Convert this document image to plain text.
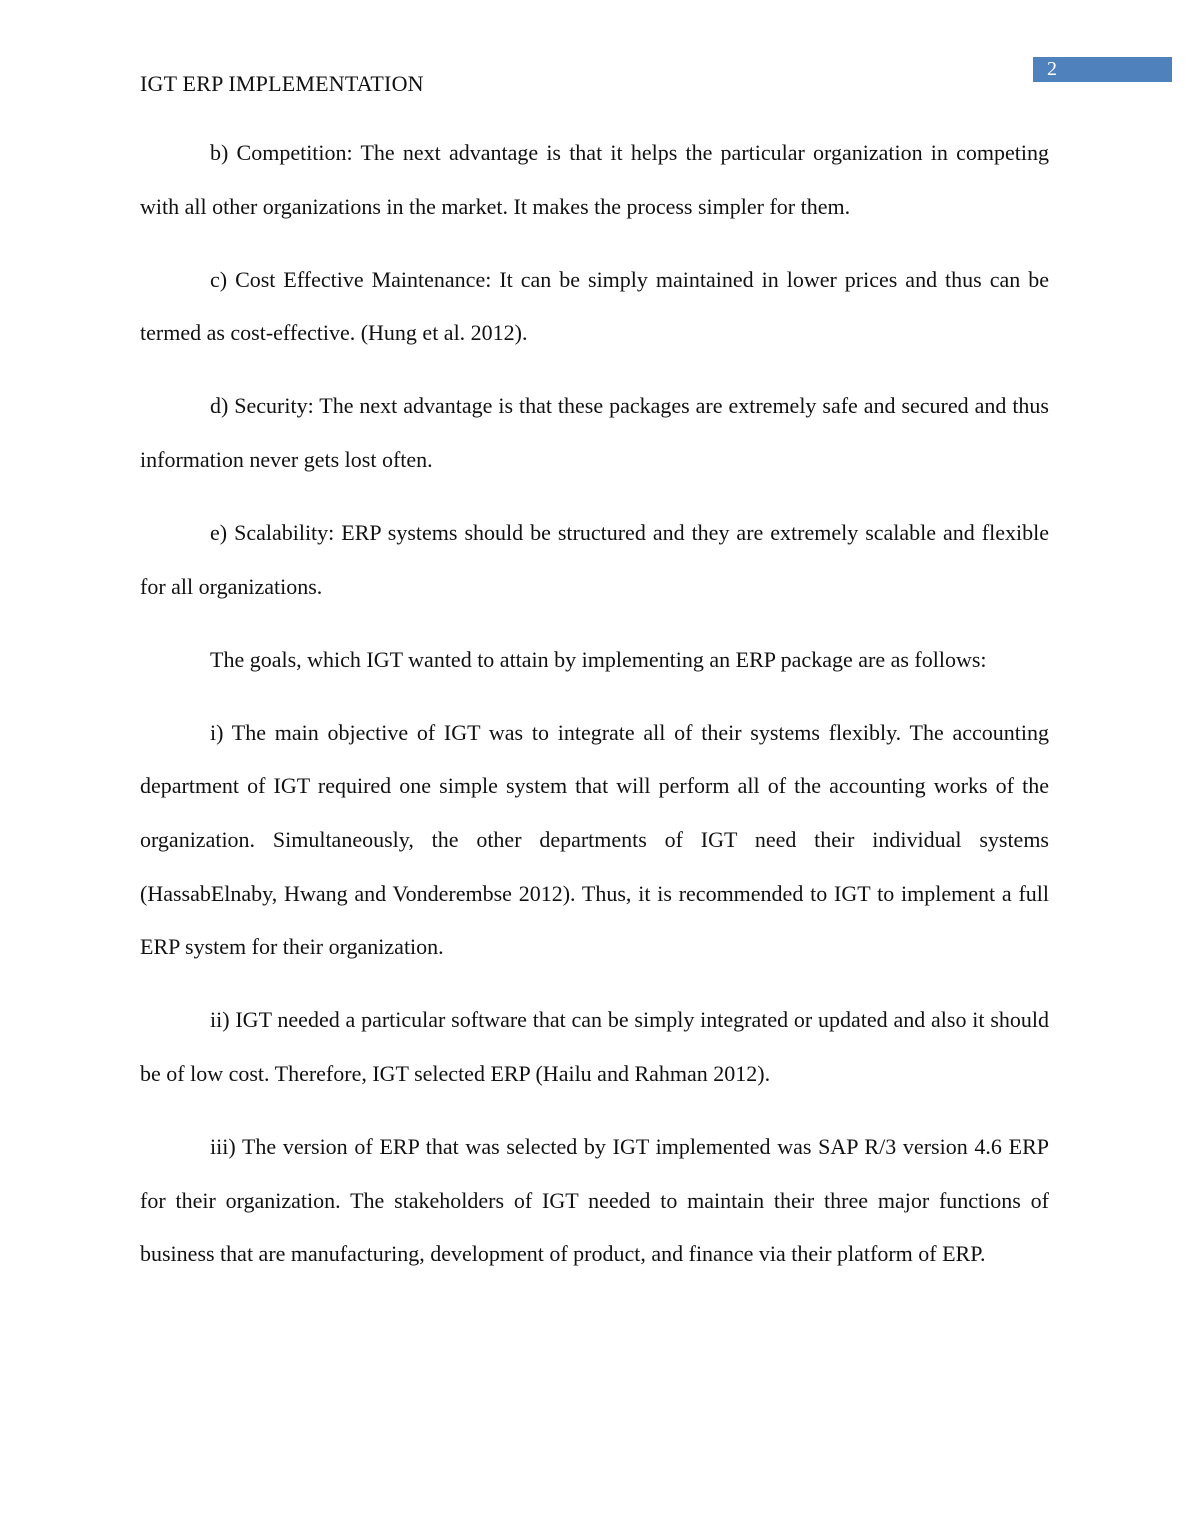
2
IGT ERP IMPLEMENTATION

b) Competition: The next advantage is that it helps the particular organization in competing with all other organizations in the market. It makes the process simpler for them.

c) Cost Effective Maintenance: It can be simply maintained in lower prices and thus can be termed as cost-effective. (Hung et al. 2012).

d) Security: The next advantage is that these packages are extremely safe and secured and thus information never gets lost often.

e) Scalability: ERP systems should be structured and they are extremely scalable and flexible for all organizations.

The goals, which IGT wanted to attain by implementing an ERP package are as follows:

i) The main objective of IGT was to integrate all of their systems flexibly. The accounting department of IGT required one simple system that will perform all of the accounting works of the organization. Simultaneously, the other departments of IGT need their individual systems (HassabElnaby, Hwang and Vonderembse 2012). Thus, it is recommended to IGT to implement a full ERP system for their organization.

ii) IGT needed a particular software that can be simply integrated or updated and also it should be of low cost. Therefore, IGT selected ERP (Hailu and Rahman 2012).

iii) The version of ERP that was selected by IGT implemented was SAP R/3 version 4.6 ERP for their organization. The stakeholders of IGT needed to maintain their three major functions of business that are manufacturing, development of product, and finance via their platform of ERP.
